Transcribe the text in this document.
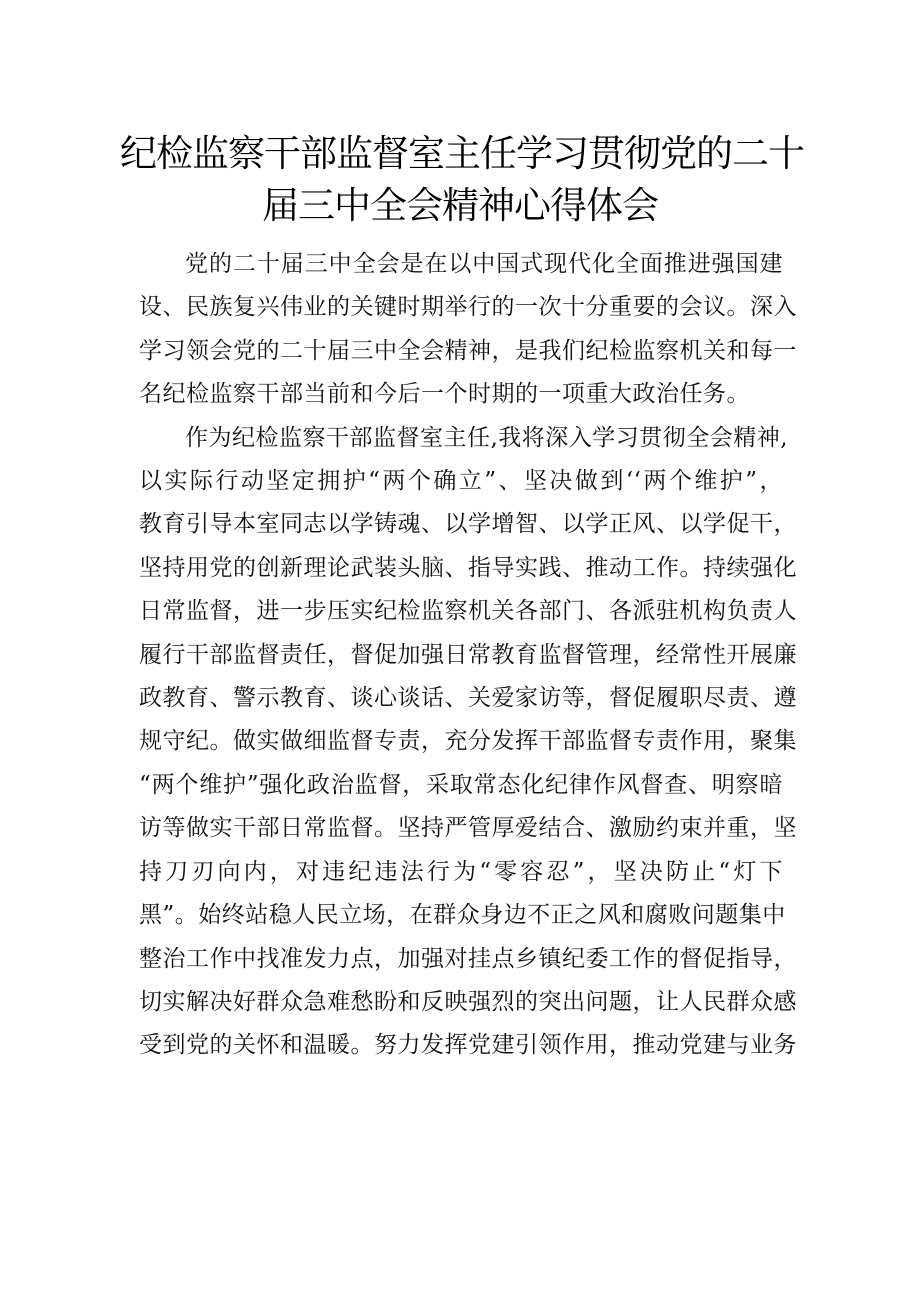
纪检监察干部监督室主任学习贯彻党的二十
届三中全会精神心得体会

党的二十届三中全会是在以中国式现代化全面推进强国建
设、民族复兴伟业的关键时期举行的一次十分重要的会议。深入
学习领会党的二十届三中全会精神，是我们纪检监察机关和每一
名纪检监察干部当前和今后一个时期的一项重大政治任务。

作为纪检监察干部监督室主任,我将深入学习贯彻全会精神,
以实际行动坚定拥护“两个确立”、坚决做到‘‘两个维护”，
教育引导本室同志以学铸魂、以学增智、以学正风、以学促干，
坚持用党的创新理论武装头脑、指导实践、推动工作。持续强化
日常监督，进一步压实纪检监察机关各部门、各派驻机构负责人
履行干部监督责任，督促加强日常教育监督管理，经常性开展廉
政教育、警示教育、谈心谈话、关爱家访等，督促履职尽责、遵
规守纪。做实做细监督专责，充分发挥干部监督专责作用，聚集
“两个维护”强化政治监督，采取常态化纪律作风督查、明察暗
访等做实干部日常监督。坚持严管厚爱结合、激励约束并重，坚
持刀刃向内，对违纪违法行为“零容忍”，坚决防止“灯下
黑”。始终站稳人民立场，在群众身边不正之风和腐败问题集中
整治工作中找准发力点，加强对挂点乡镇纪委工作的督促指导，
切实解决好群众急难愁盼和反映强烈的突出问题，让人民群众感
受到党的关怀和温暖。努力发挥党建引领作用，推动党建与业务
